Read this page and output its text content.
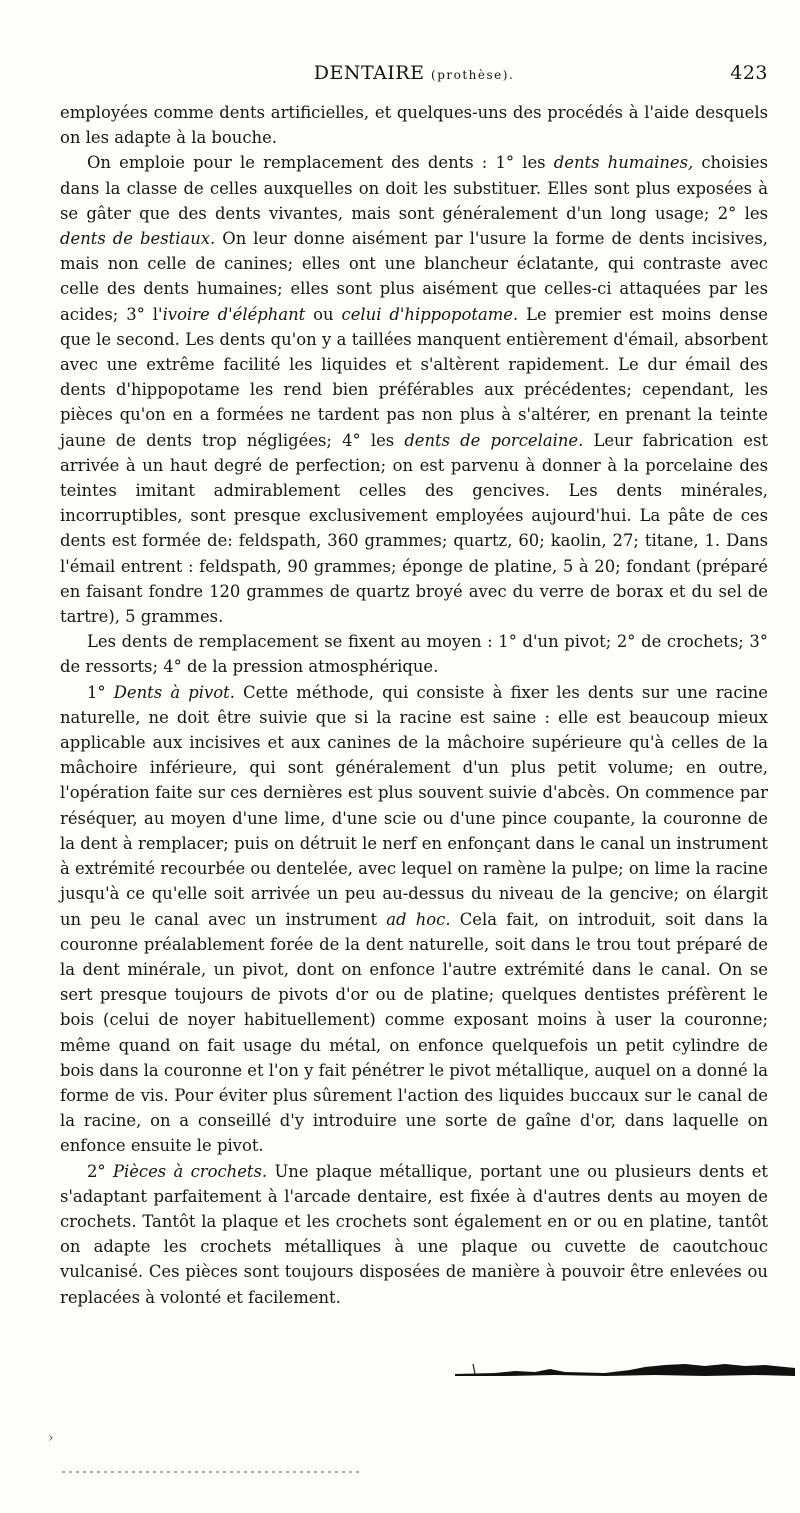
DENTAIRE (prothèse).	423

employées comme dents artificielles, et quelques-uns des procédés à l'aide desquels on les adapte à la bouche.

On emploie pour le remplacement des dents : 1° les dents humaines, choisies dans la classe de celles auxquelles on doit les substituer. Elles sont plus exposées à se gâter que des dents vivantes, mais sont généralement d'un long usage; 2° les dents de bestiaux. On leur donne aisément par l'usure la forme de dents incisives, mais non celle de canines; elles ont une blancheur éclatante, qui contraste avec celle des dents humaines; elles sont plus aisément que celles-ci attaquées par les acides; 3° l'ivoire d'éléphant ou celui d'hippopotame. Le premier est moins dense que le second. Les dents qu'on y a taillées manquent entièrement d'émail, absorbent avec une extrême facilité les liquides et s'altèrent rapidement. Le dur émail des dents d'hippopotame les rend bien préférables aux précédentes; cependant, les pièces qu'on en a formées ne tardent pas non plus à s'altérer, en prenant la teinte jaune de dents trop négligées; 4° les dents de porcelaine. Leur fabrication est arrivée à un haut degré de perfection; on est parvenu à donner à la porcelaine des teintes imitant admirablement celles des gencives. Les dents minérales, incorruptibles, sont presque exclusivement employées aujourd'hui. La pâte de ces dents est formée de: feldspath, 360 grammes; quartz, 60; kaolin, 27; titane, 1. Dans l'émail entrent : feldspath, 90 grammes; éponge de platine, 5 à 20; fondant (préparé en faisant fondre 120 grammes de quartz broyé avec du verre de borax et du sel de tartre), 5 grammes.

Les dents de remplacement se fixent au moyen : 1° d'un pivot; 2° de crochets; 3° de ressorts; 4° de la pression atmosphérique.

1° Dents à pivot. Cette méthode, qui consiste à fixer les dents sur une racine naturelle, ne doit être suivie que si la racine est saine : elle est beaucoup mieux applicable aux incisives et aux canines de la mâchoire supérieure qu'à celles de la mâchoire inférieure, qui sont généralement d'un plus petit volume; en outre, l'opération faite sur ces dernières est plus souvent suivie d'abcès. On commence par réséquer, au moyen d'une lime, d'une scie ou d'une pince coupante, la couronne de la dent à remplacer; puis on détruit le nerf en enfonçant dans le canal un instrument à extrémité recourbée ou dentelée, avec lequel on ramène la pulpe; on lime la racine jusqu'à ce qu'elle soit arrivée un peu au-dessus du niveau de la gencive; on élargit un peu le canal avec un instrument ad hoc. Cela fait, on introduit, soit dans la couronne préalablement forée de la dent naturelle, soit dans le trou tout préparé de la dent minérale, un pivot, dont on enfonce l'autre extrémité dans le canal. On se sert presque toujours de pivots d'or ou de platine; quelques dentistes préfèrent le bois (celui de noyer habituellement) comme exposant moins à user la couronne; même quand on fait usage du métal, on enfonce quelquefois un petit cylindre de bois dans la couronne et l'on y fait pénétrer le pivot métallique, auquel on a donné la forme de vis. Pour éviter plus sûrement l'action des liquides buccaux sur le canal de la racine, on a conseillé d'y introduire une sorte de gaîne d'or, dans laquelle on enfonce ensuite le pivot.

2° Pièces à crochets. Une plaque métallique, portant une ou plusieurs dents et s'adaptant parfaitement à l'arcade dentaire, est fixée à d'autres dents au moyen de crochets. Tantôt la plaque et les crochets sont également en or ou en platine, tantôt on adapte les crochets métalliques à une plaque ou cuvette de caoutchouc vulcanisé. Ces pièces sont toujours disposées de manière à pouvoir être enlevées ou replacées à volonté et facilement.

›
